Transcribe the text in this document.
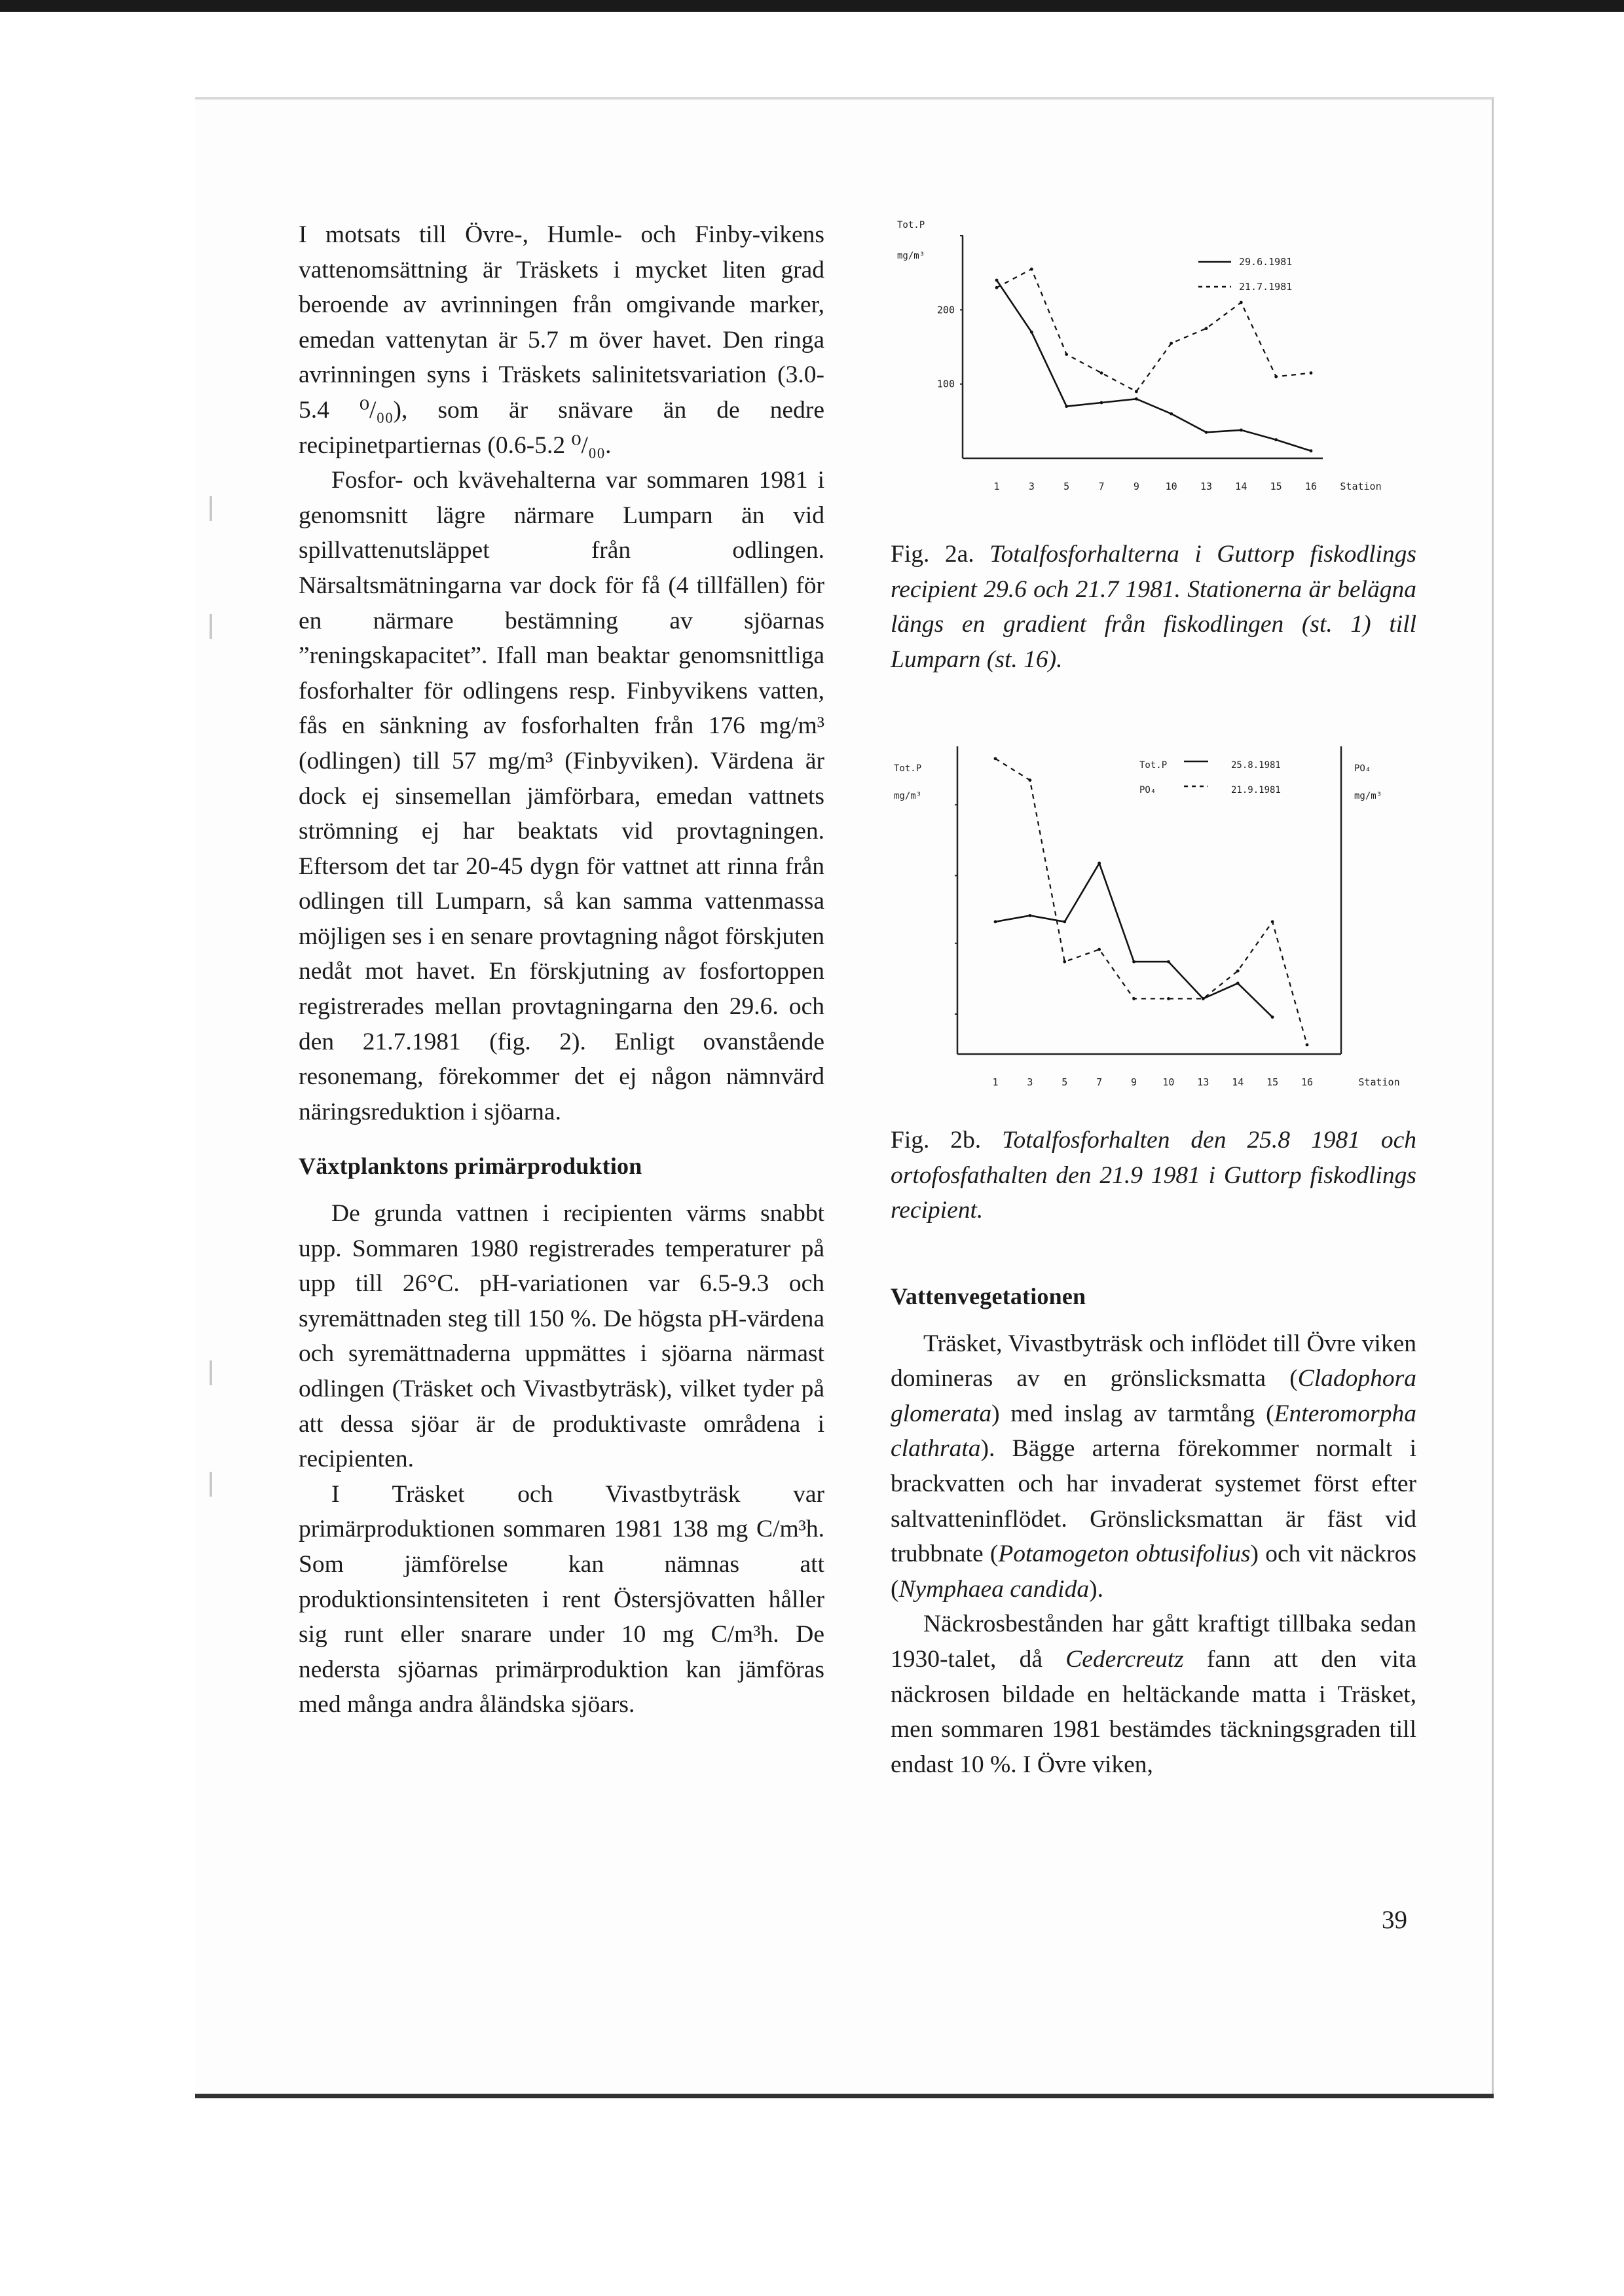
I motsats till Övre-, Humle- och Finby-vikens vattenomsättning är Träskets i mycket liten grad beroende av avrinningen från omgivande marker, emedan vattenytan är 5.7 m över havet. Den ringa avrinningen syns i Träskets salinitetsvariation (3.0-5.4 ⁰/₀₀), som är snävare än de nedre recipinetpartiernas (0.6-5.2 ⁰/₀₀.

Fosfor- och kvävehalterna var sommaren 1981 i genomsnitt lägre närmare Lumparn än vid spillvattenutsläppet från odlingen. Närsaltsmätningarna var dock för få (4 tillfällen) för en närmare bestämning av sjöarnas ”reningskapacitet”. Ifall man beaktar genomsnittliga fosforhalter för odlingens resp. Finbyvikens vatten, fås en sänkning av fosforhalten från 176 mg/m³ (odlingen) till 57 mg/m³ (Finbyviken). Värdena är dock ej sinsemellan jämförbara, emedan vattnets strömning ej har beaktats vid provtagningen. Eftersom det tar 20-45 dygn för vattnet att rinna från odlingen till Lumparn, så kan samma vattenmassa möjligen ses i en senare provtagning något förskjuten nedåt mot havet. En förskjutning av fosfortoppen registrerades mellan provtagningarna den 29.6. och den 21.7.1981 (fig. 2). Enligt ovanstående resonemang, förekommer det ej någon nämnvärd näringsreduktion i sjöarna.

Växtplanktons primärproduktion

De grunda vattnen i recipienten värms snabbt upp. Sommaren 1980 registrerades temperaturer på upp till 26°C. pH-variationen var 6.5-9.3 och syremättnaden steg till 150 %. De högsta pH-värdena och syremättnaderna uppmättes i sjöarna närmast odlingen (Träsket och Vivastbyträsk), vilket tyder på att dessa sjöar är de produktivaste områdena i recipienten.

I Träsket och Vivastbyträsk var primärproduktionen sommaren 1981 138 mg C/m³h. Som jämförelse kan nämnas att produktionsintensiteten i rent Östersjövatten håller sig runt eller snarare under 10 mg C/m³h. De nedersta sjöarnas primärproduktion kan jämföras med många andra åländska sjöars.

1	3	5	7	9	10 13 14 15 16 Station
100
200
Tot.P
mg/m³	29.6.1981
21.7.1981
Fig. 2a. Totalfosforhalterna i Guttorp fiskodlings recipient 29.6 och 21.7 1981. Stationerna är belägna längs en gradient från fiskodlingen (st. 1) till Lumparn (st. 16).
1	3	5	7	9	10 13 14 15 16	Station
Tot.P
mg/m³
PO₄
mg/m³
Tot.P	25.8.1981
PO₄	21.9.1981
Fig. 2b. Totalfosforhalten den 25.8 1981 och ortofosfathalten den 21.9 1981 i Guttorp fiskodlings recipient.

Vattenvegetationen

Träsket, Vivastbyträsk och inflödet till Övre viken domineras av en grönslicksmatta (Cladophora glomerata) med inslag av tarmtång (Enteromorpha clathrata). Bägge arterna förekommer normalt i brackvatten och har invaderat systemet först efter saltvatteninflödet. Grönslicksmattan är fäst vid trubbnate (Potamogeton obtusifolius) och vit näckros (Nymphaea candida).

Näckrosbestånden har gått kraftigt tillbaka sedan 1930-talet, då Cedercreutz fann att den vita näckrosen bildade en heltäckande matta i Träsket, men sommaren 1981 bestämdes täckningsgraden till endast 10 %. I Övre viken,

39
